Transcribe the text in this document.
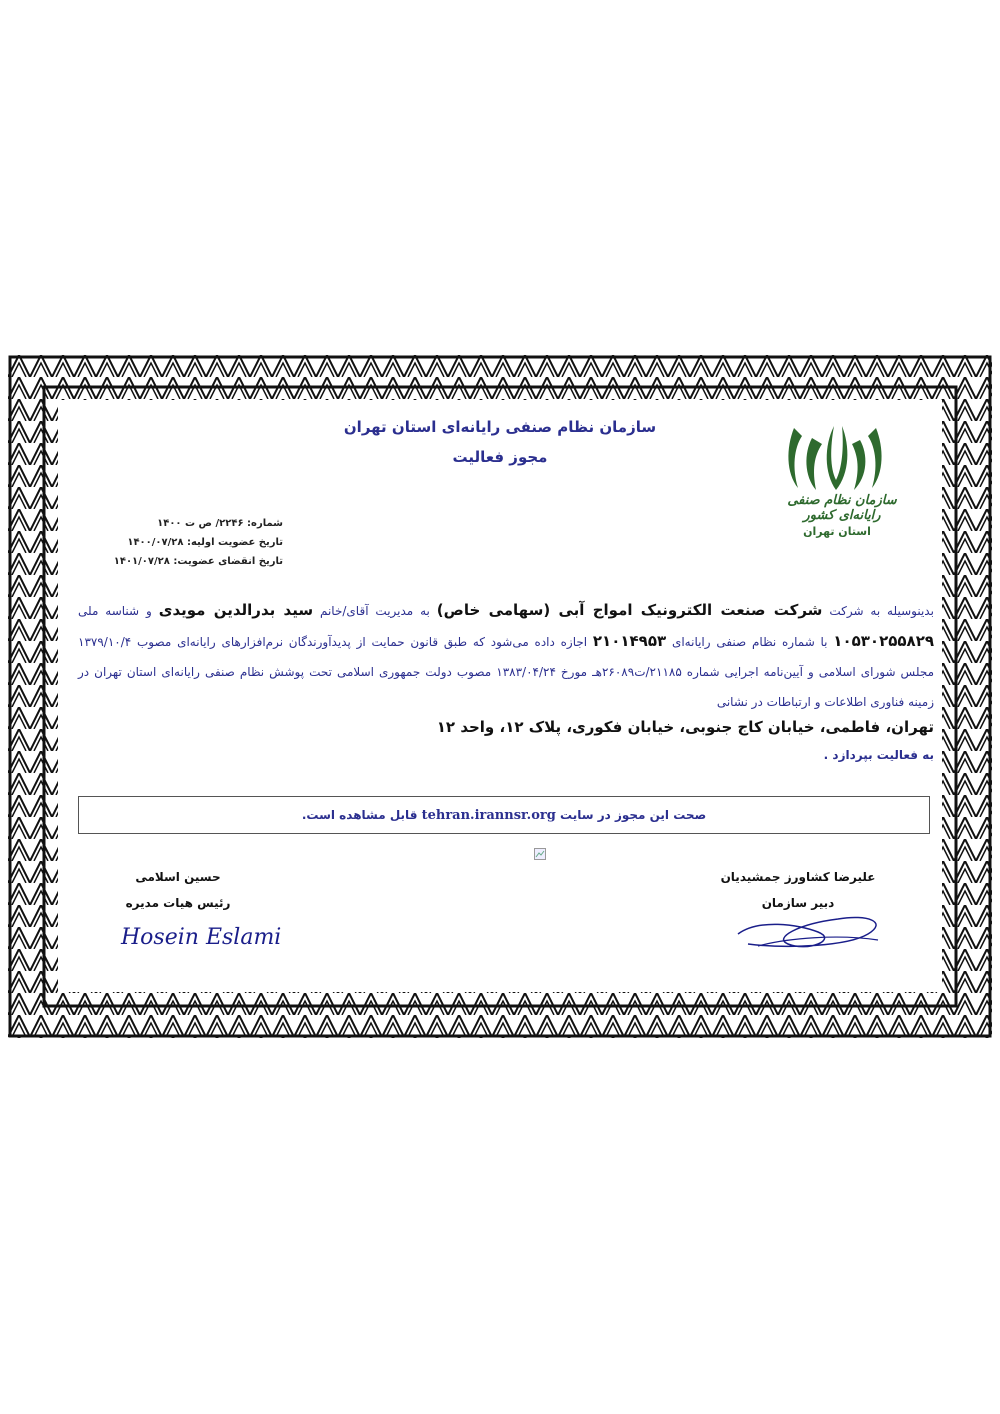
سازمان نظام صنفی رایانه‌ای استان تهران
مجوز فعالیت
سازمان نظام صنفی رایانه‌ای کشور
استان تهران
شماره: ۲۲۴۶/ ص ت ۱۴۰۰
تاریخ عضویت اولیه: ۱۴۰۰/۰۷/۲۸
تاریخ انقضای عضویت: ۱۴۰۱/۰۷/۲۸
بدینوسیله به شرکت شرکت صنعت الکترونیک امواج آبی (سهامی خاص) به مدیریت آقای/خانم سید بدرالدین مویدی و شناسه ملی ۱۰۵۳۰۲۵۵۸۲۹ با شماره نظام صنفی رایانه‌ای ۲۱۰۱۴۹۵۳ اجازه داده می‌شود که طبق قانون حمایت از پدیدآورندگان نرم‌افزارهای رایانه‌ای مصوب ۱۳۷۹/۱۰/۴ مجلس شورای اسلامی و آیین‌نامه اجرایی شماره ۲۱۱۸۵/ت۲۶۰۸۹هـ مورخ ۱۳۸۳/۰۴/۲۴ مصوب دولت جمهوری اسلامی تحت پوشش نظام صنفی رایانه‌ای استان تهران در زمینه فناوری اطلاعات و ارتباطات در نشانی
تهران، فاطمی، خیابان کاج جنوبی، خیابان فکوری، پلاک ۱۲، واحد ۱۲
به فعالیت بپردازد .
صحت این مجوز در سایت tehran.irannsr.org قابل مشاهده است.
حسین اسلامی
رئیس هیات مدیره
Hosein Eslami
علیرضا کشاورز جمشیدیان
دبیر سازمان
